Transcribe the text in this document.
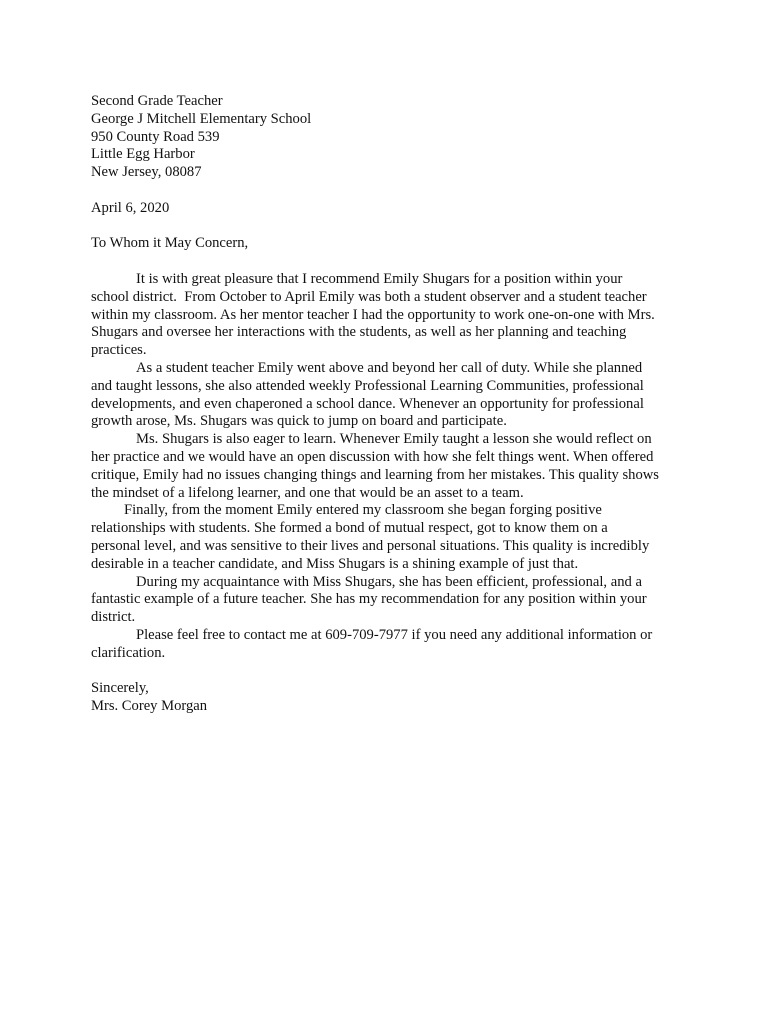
Second Grade Teacher
George J Mitchell Elementary School
950 County Road 539
Little Egg Harbor
New Jersey, 08087
April 6, 2020
To Whom it May Concern,
It is with great pleasure that I recommend Emily Shugars for a position within your
school district.  From October to April Emily was both a student observer and a student teacher
within my classroom. As her mentor teacher I had the opportunity to work one-on-one with Mrs.
Shugars and oversee her interactions with the students, as well as her planning and teaching
practices.
As a student teacher Emily went above and beyond her call of duty. While she planned
and taught lessons, she also attended weekly Professional Learning Communities, professional
developments, and even chaperoned a school dance. Whenever an opportunity for professional
growth arose, Ms. Shugars was quick to jump on board and participate.
Ms. Shugars is also eager to learn. Whenever Emily taught a lesson she would reflect on
her practice and we would have an open discussion with how she felt things went. When offered
critique, Emily had no issues changing things and learning from her mistakes. This quality shows
the mindset of a lifelong learner, and one that would be an asset to a team.
Finally, from the moment Emily entered my classroom she began forging positive
relationships with students. She formed a bond of mutual respect, got to know them on a
personal level, and was sensitive to their lives and personal situations. This quality is incredibly
desirable in a teacher candidate, and Miss Shugars is a shining example of just that.
During my acquaintance with Miss Shugars, she has been efficient, professional, and a
fantastic example of a future teacher. She has my recommendation for any position within your
district.
Please feel free to contact me at 609-709-7977 if you need any additional information or
clarification.
Sincerely,
Mrs. Corey Morgan
